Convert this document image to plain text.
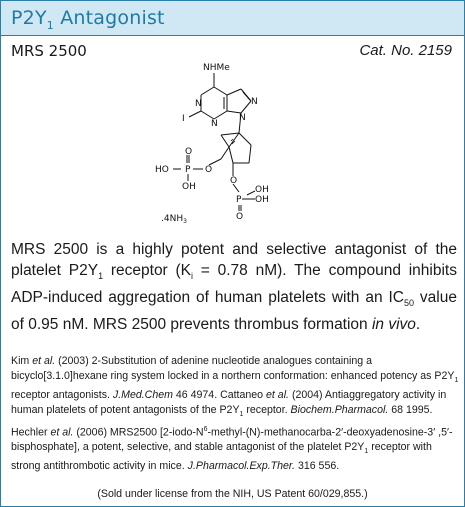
$P2Y_1$ Antagonist
MRS 2500	Cat. No. 2159
NHMe
N
N
N
N
I
O
P
O
OH
HO
O
P OH
OH
O
$.4NH_3$
MRS 2500 is a highly potent and selective antagonist of the platelet $P2Y_1$ receptor ($K_i = 0.78$ nM). The compound inhibits ADP-induced aggregation of human platelets with an $IC_{50}$ value of 0.95 nM. MRS 2500 prevents thrombus formation in vivo.
Kim et al. (2003) 2-Substitution of adenine nucleotide analogues containing a bicyclo[3.1.0]hexane ring system locked in a northern conformation: enhanced potency as $P2Y_1$ receptor antagonists. J.Med.Chem 46 4974. Cattaneo et al. (2004) Antiaggregatory activity in human platelets of potent antagonists of the $P2Y_1$ receptor. Biochem.Pharmacol. 68 1995. Hechler et al. (2006) MRS2500 [$2-iodo-N^6-methyl-(N)-methanocarba-2'-deoxyadenosine-3'$ ,5′-bisphosphate], a potent, selective, and stable antagonist of the platelet $P2Y_1$ receptor with strong antithrombotic activity in mice. J.Pharmacol.Exp.Ther. 316 556.
(Sold under license from the NIH, US Patent 60/029,855.)
